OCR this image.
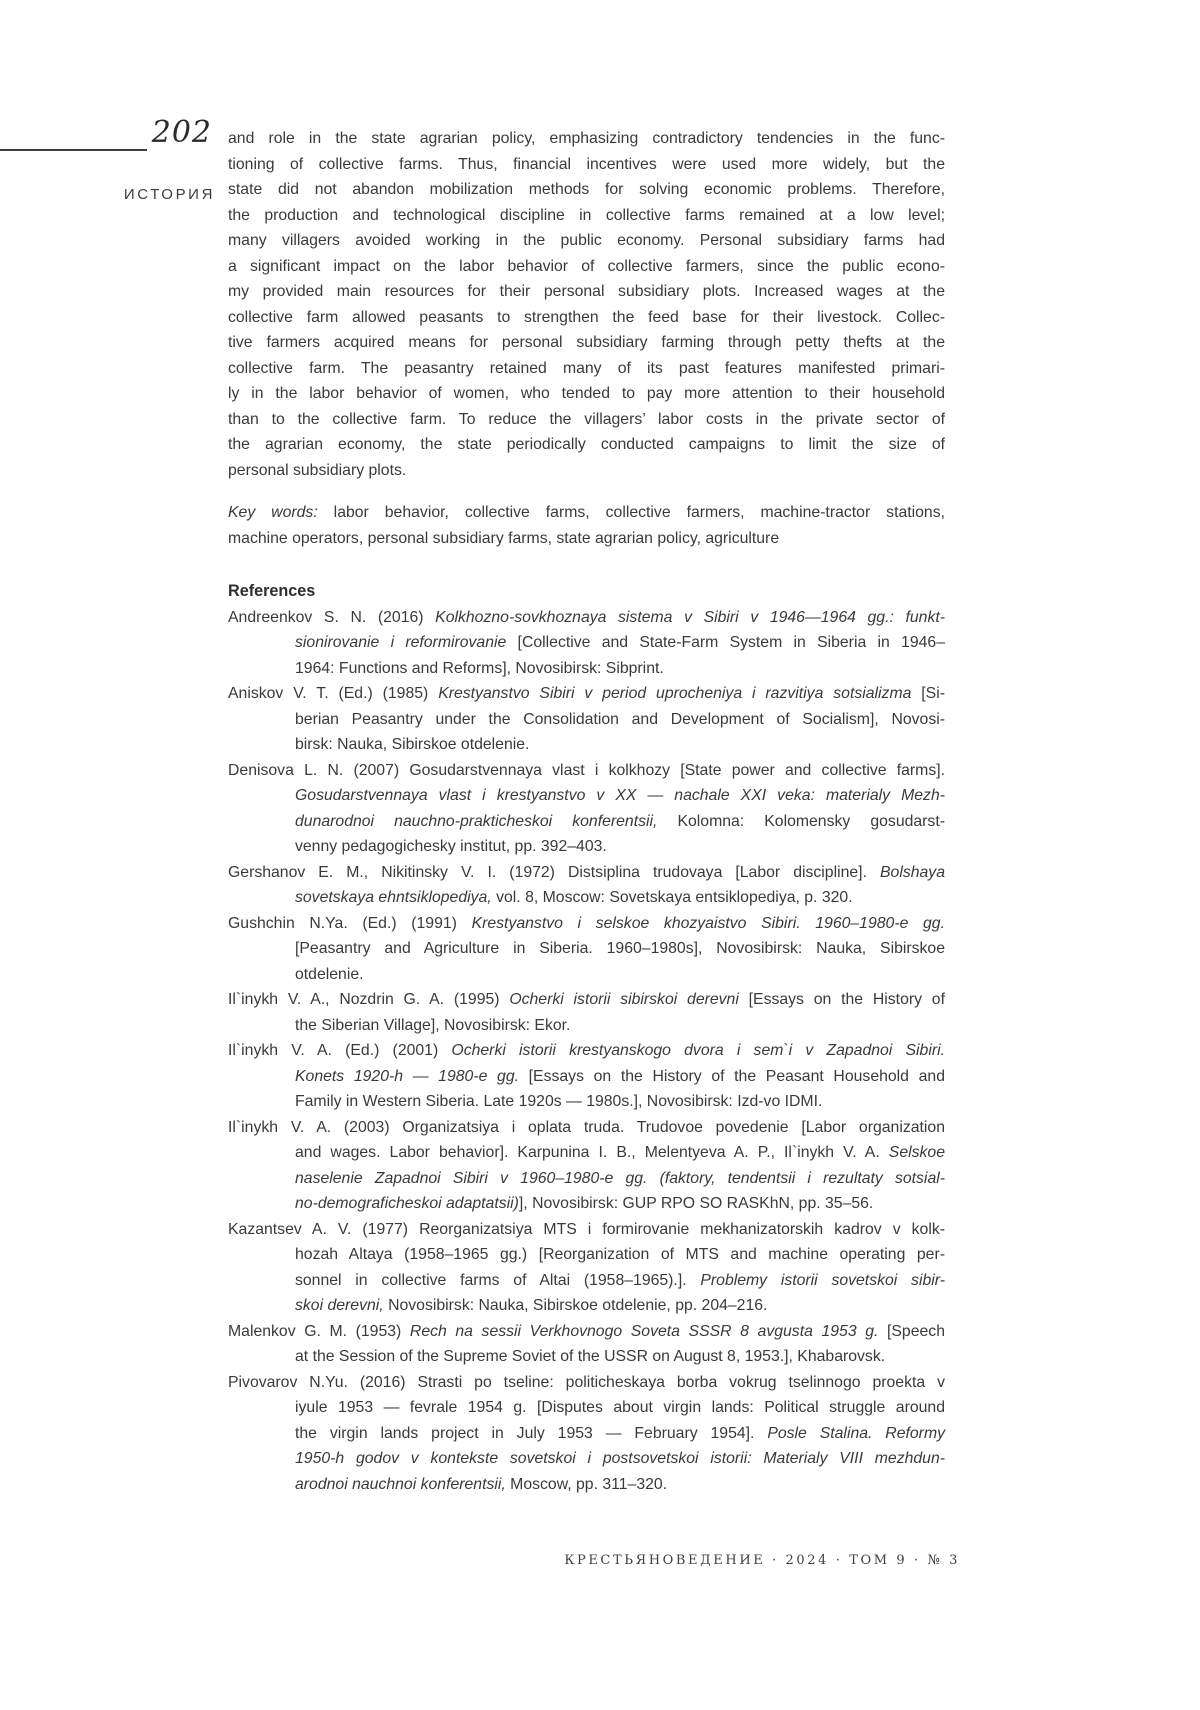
202
ИСТОРИЯ
and role in the state agrarian policy, emphasizing contradictory tendencies in the func-
tioning of collective farms. Thus, financial incentives were used more widely, but the
state did not abandon mobilization methods for solving economic problems. Therefore,
the production and technological discipline in collective farms remained at a low level;
many villagers avoided working in the public economy. Personal subsidiary farms had
a significant impact on the labor behavior of collective farmers, since the public econo-
my provided main resources for their personal subsidiary plots. Increased wages at the
collective farm allowed peasants to strengthen the feed base for their livestock. Collec-
tive farmers acquired means for personal subsidiary farming through petty thefts at the
collective farm. The peasantry retained many of its past features manifested primari-
ly in the labor behavior of women, who tended to pay more attention to their household
than to the collective farm. To reduce the villagers’ labor costs in the private sector of
the agrarian economy, the state periodically conducted campaigns to limit the size of
personal subsidiary plots.
Key words: labor behavior, collective farms, collective farmers, machine-tractor stations,
machine operators, personal subsidiary farms, state agrarian policy, agriculture
References
Andreenkov S. N. (2016) Kolkhozno-sovkhoznaya sistema v Sibiri v 1946—1964 gg.: funkt-
sionirovanie i reformirovanie [Collective and State-Farm System in Siberia in 1946–
1964: Functions and Reforms], Novosibirsk: Sibprint.
Aniskov V. T. (Ed.) (1985) Krestyanstvo Sibiri v period uprocheniya i razvitiya sotsializma [Si-
berian Peasantry under the Consolidation and Development of Socialism], Novosi-
birsk: Nauka, Sibirskoe otdelenie.
Denisova L. N. (2007) Gosudarstvennaya vlast i kolkhozy [State power and collective farms].
Gosudarstvennaya vlast i krestyanstvo v XX — nachale XXI veka: materialy Mezh-
dunarodnoi nauchno-prakticheskoi konferentsii, Kolomna: Kolomensky gosudarst-
venny pedagogichesky institut, pp. 392–403.
Gershanov E. M., Nikitinsky V. I. (1972) Distsiplina trudovaya [Labor discipline]. Bolshaya
sovetskaya ehntsiklopediya, vol. 8, Moscow: Sovetskaya entsiklopediya, p. 320.
Gushchin N.Ya. (Ed.) (1991) Krestyanstvo i selskoe khozyaistvo Sibiri. 1960–1980-e gg.
[Peasantry and Agriculture in Siberia. 1960–1980s], Novosibirsk: Nauka, Sibirskoe
otdelenie.
Il`inykh V. A., Nozdrin G. A. (1995) Ocherki istorii sibirskoi derevni [Essays on the History of
the Siberian Village], Novosibirsk: Ekor.
Il`inykh V. A. (Ed.) (2001) Ocherki istorii krestyanskogo dvora i sem`i v Zapadnoi Sibiri.
Konets 1920-h — 1980-e gg. [Essays on the History of the Peasant Household and
Family in Western Siberia. Late 1920s — 1980s.], Novosibirsk: Izd-vo IDMI.
Il`inykh V. A. (2003) Organizatsiya i oplata truda. Trudovoe povedenie [Labor organization
and wages. Labor behavior]. Karpunina I. B., Melentyeva A. P., Il`inykh V. A. Selskoe
naselenie Zapadnoi Sibiri v 1960–1980-e gg. (faktory, tendentsii i rezultaty sotsial-
no-demograficheskoi adaptatsii)], Novosibirsk: GUP RPO SO RASKhN, pp. 35–56.
Kazantsev A. V. (1977) Reorganizatsiya MTS i formirovanie mekhanizatorskih kadrov v kolk-
hozah Altaya (1958–1965 gg.) [Reorganization of MTS and machine operating per-
sonnel in collective farms of Altai (1958–1965).]. Problemy istorii sovetskoi sibir-
skoi derevni, Novosibirsk: Nauka, Sibirskoe otdelenie, pp. 204–216.
Malenkov G. M. (1953) Rech na sessii Verkhovnogo Soveta SSSR 8 avgusta 1953 g. [Speech
at the Session of the Supreme Soviet of the USSR on August 8, 1953.], Khabarovsk.
Pivovarov N.Yu. (2016) Strasti po tseline: politicheskaya borba vokrug tselinnogo proekta v
iyule 1953 — fevrale 1954 g. [Disputes about virgin lands: Political struggle around
the virgin lands project in July 1953 — February 1954]. Posle Stalina. Reformy
1950-h godov v kontekste sovetskoi i postsovetskoi istorii: Materialy VIII mezhdun-
arodnoi nauchnoi konferentsii, Moscow, pp. 311–320.
КРЕСТЬЯНОВЕДЕНИЕ · 2024 · ТОМ 9 · № 3
